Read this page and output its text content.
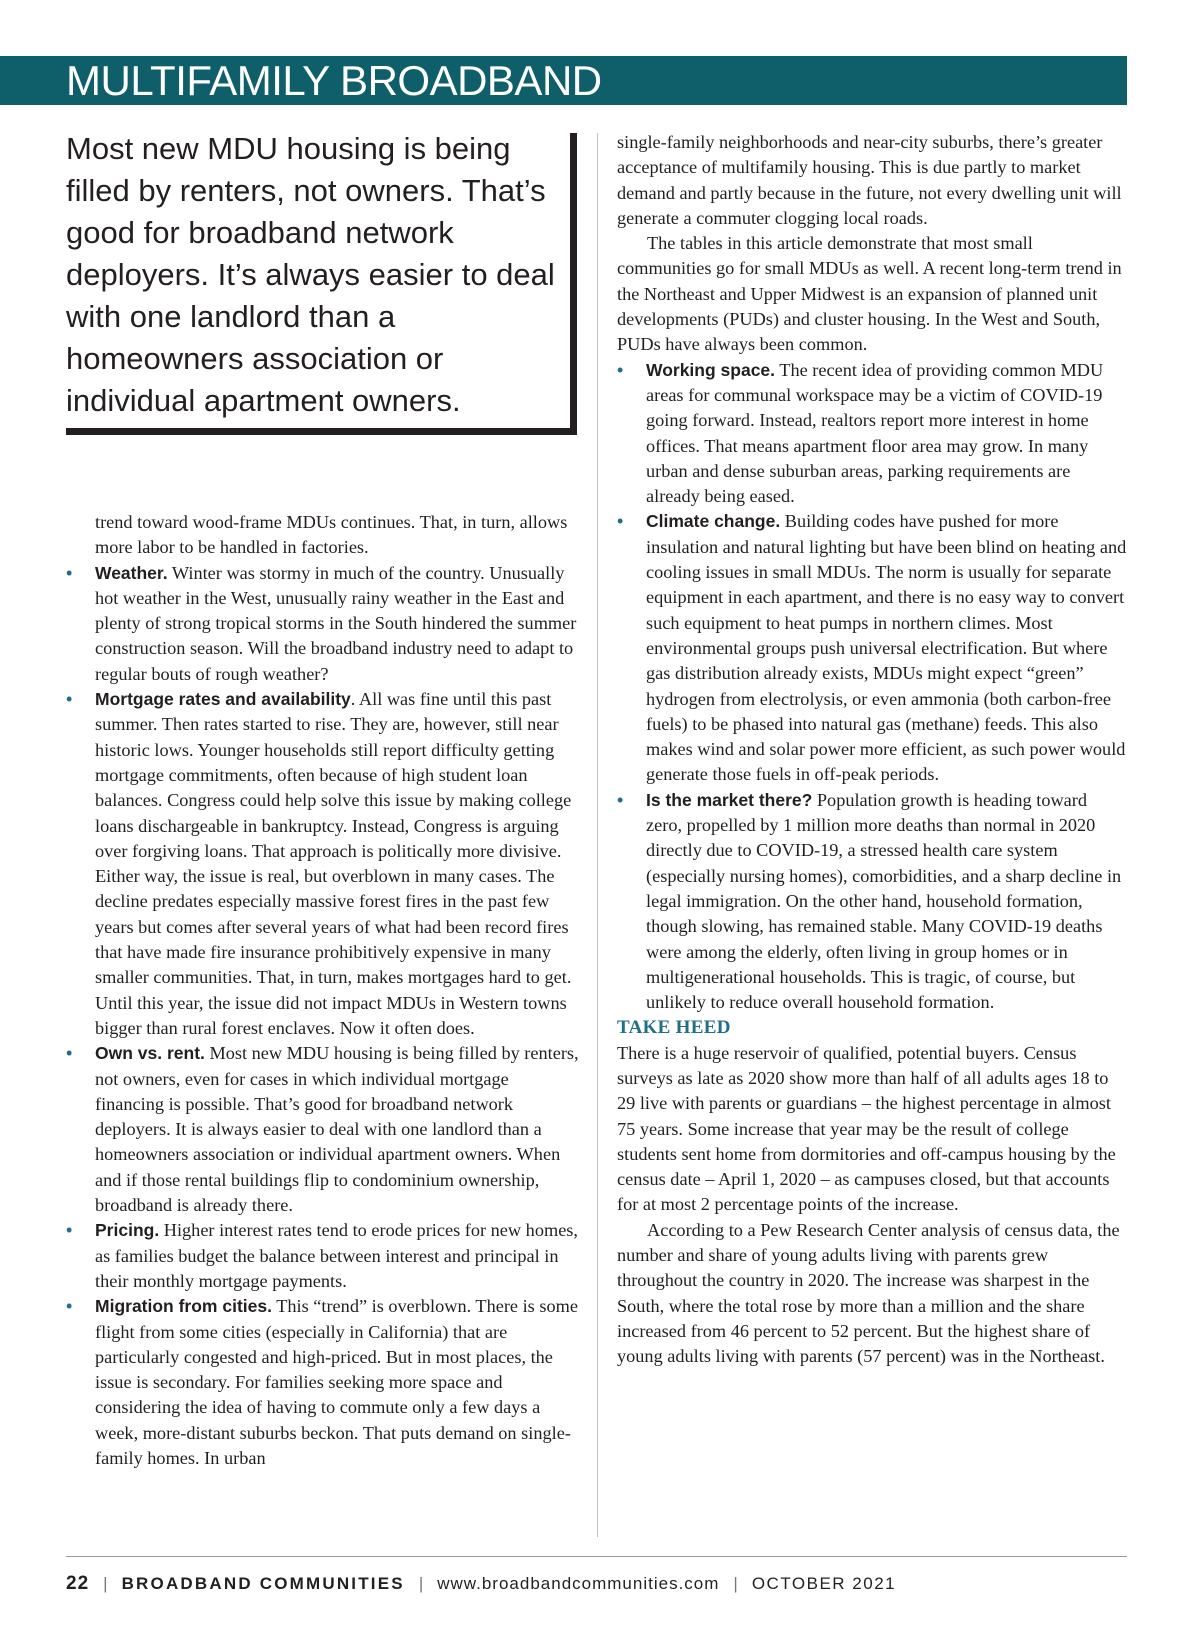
MULTIFAMILY BROADBAND
Most new MDU housing is being filled by renters, not owners. That’s good for broadband network deployers. It’s always easier to deal with one landlord than a homeowners association or individual apartment owners.

trend toward wood-frame MDUs continues. That, in turn, allows more labor to be handled in factories.

• Weather. Winter was stormy in much of the country. Unusually hot weather in the West, unusually rainy weather in the East and plenty of strong tropical storms in the South hindered the summer construction season. Will the broadband industry need to adapt to regular bouts of rough weather?
• Mortgage rates and availability. All was fine until this past summer. Then rates started to rise. They are, however, still near historic lows. Younger households still report difficulty getting mortgage commitments, often because of high student loan balances. Congress could help solve this issue by making college loans dischargeable in bankruptcy. Instead, Congress is arguing over forgiving loans. That approach is politically more divisive. Either way, the issue is real, but overblown in many cases. The decline predates especially massive forest fires in the past few years but comes after several years of what had been record fires that have made fire insurance prohibitively expensive in many smaller communities. That, in turn, makes mortgages hard to get. Until this year, the issue did not impact MDUs in Western towns bigger than rural forest enclaves. Now it often does.
• Own vs. rent. Most new MDU housing is being filled by renters, not owners, even for cases in which individual mortgage financing is possible. That’s good for broadband network deployers. It is always easier to deal with one landlord than a homeowners association or individual apartment owners. When and if those rental buildings flip to condominium ownership, broadband is already there.
• Pricing. Higher interest rates tend to erode prices for new homes, as families budget the balance between interest and principal in their monthly mortgage payments.
• Migration from cities. This “trend” is overblown. There is some flight from some cities (especially in California) that are particularly congested and high-priced. But in most places, the issue is secondary. For families seeking more space and considering the idea of having to commute only a few days a week, more-distant suburbs beckon. That puts demand on single-family homes. In urban

single-family neighborhoods and near-city suburbs, there’s greater acceptance of multifamily housing. This is due partly to market demand and partly because in the future, not every dwelling unit will generate a commuter clogging local roads.

The tables in this article demonstrate that most small communities go for small MDUs as well. A recent long-term trend in the Northeast and Upper Midwest is an expansion of planned unit developments (PUDs) and cluster housing. In the West and South, PUDs have always been common.

• Working space. The recent idea of providing common MDU areas for communal workspace may be a victim of COVID-19 going forward. Instead, realtors report more interest in home offices. That means apartment floor area may grow. In many urban and dense suburban areas, parking requirements are already being eased.
• Climate change. Building codes have pushed for more insulation and natural lighting but have been blind on heating and cooling issues in small MDUs. The norm is usually for separate equipment in each apartment, and there is no easy way to convert such equipment to heat pumps in northern climes. Most environmental groups push universal electrification. But where gas distribution already exists, MDUs might expect “green” hydrogen from electrolysis, or even ammonia (both carbon-free fuels) to be phased into natural gas (methane) feeds. This also makes wind and solar power more efficient, as such power would generate those fuels in off-peak periods.
• Is the market there? Population growth is heading toward zero, propelled by 1 million more deaths than normal in 2020 directly due to COVID-19, a stressed health care system (especially nursing homes), comorbidities, and a sharp decline in legal immigration. On the other hand, household formation, though slowing, has remained stable. Many COVID-19 deaths were among the elderly, often living in group homes or in multigenerational households. This is tragic, of course, but unlikely to reduce overall household formation.

TAKE HEED

There is a huge reservoir of qualified, potential buyers. Census surveys as late as 2020 show more than half of all adults ages 18 to 29 live with parents or guardians – the highest percentage in almost 75 years. Some increase that year may be the result of college students sent home from dormitories and off-campus housing by the census date – April 1, 2020 – as campuses closed, but that accounts for at most 2 percentage points of the increase.

According to a Pew Research Center analysis of census data, the number and share of young adults living with parents grew throughout the country in 2020. The increase was sharpest in the South, where the total rose by more than a million and the share increased from 46 percent to 52 percent. But the highest share of young adults living with parents (57 percent) was in the Northeast.

22 | BROADBAND COMMUNITIES | www.broadbandcommunities.com | OCTOBER 2021
